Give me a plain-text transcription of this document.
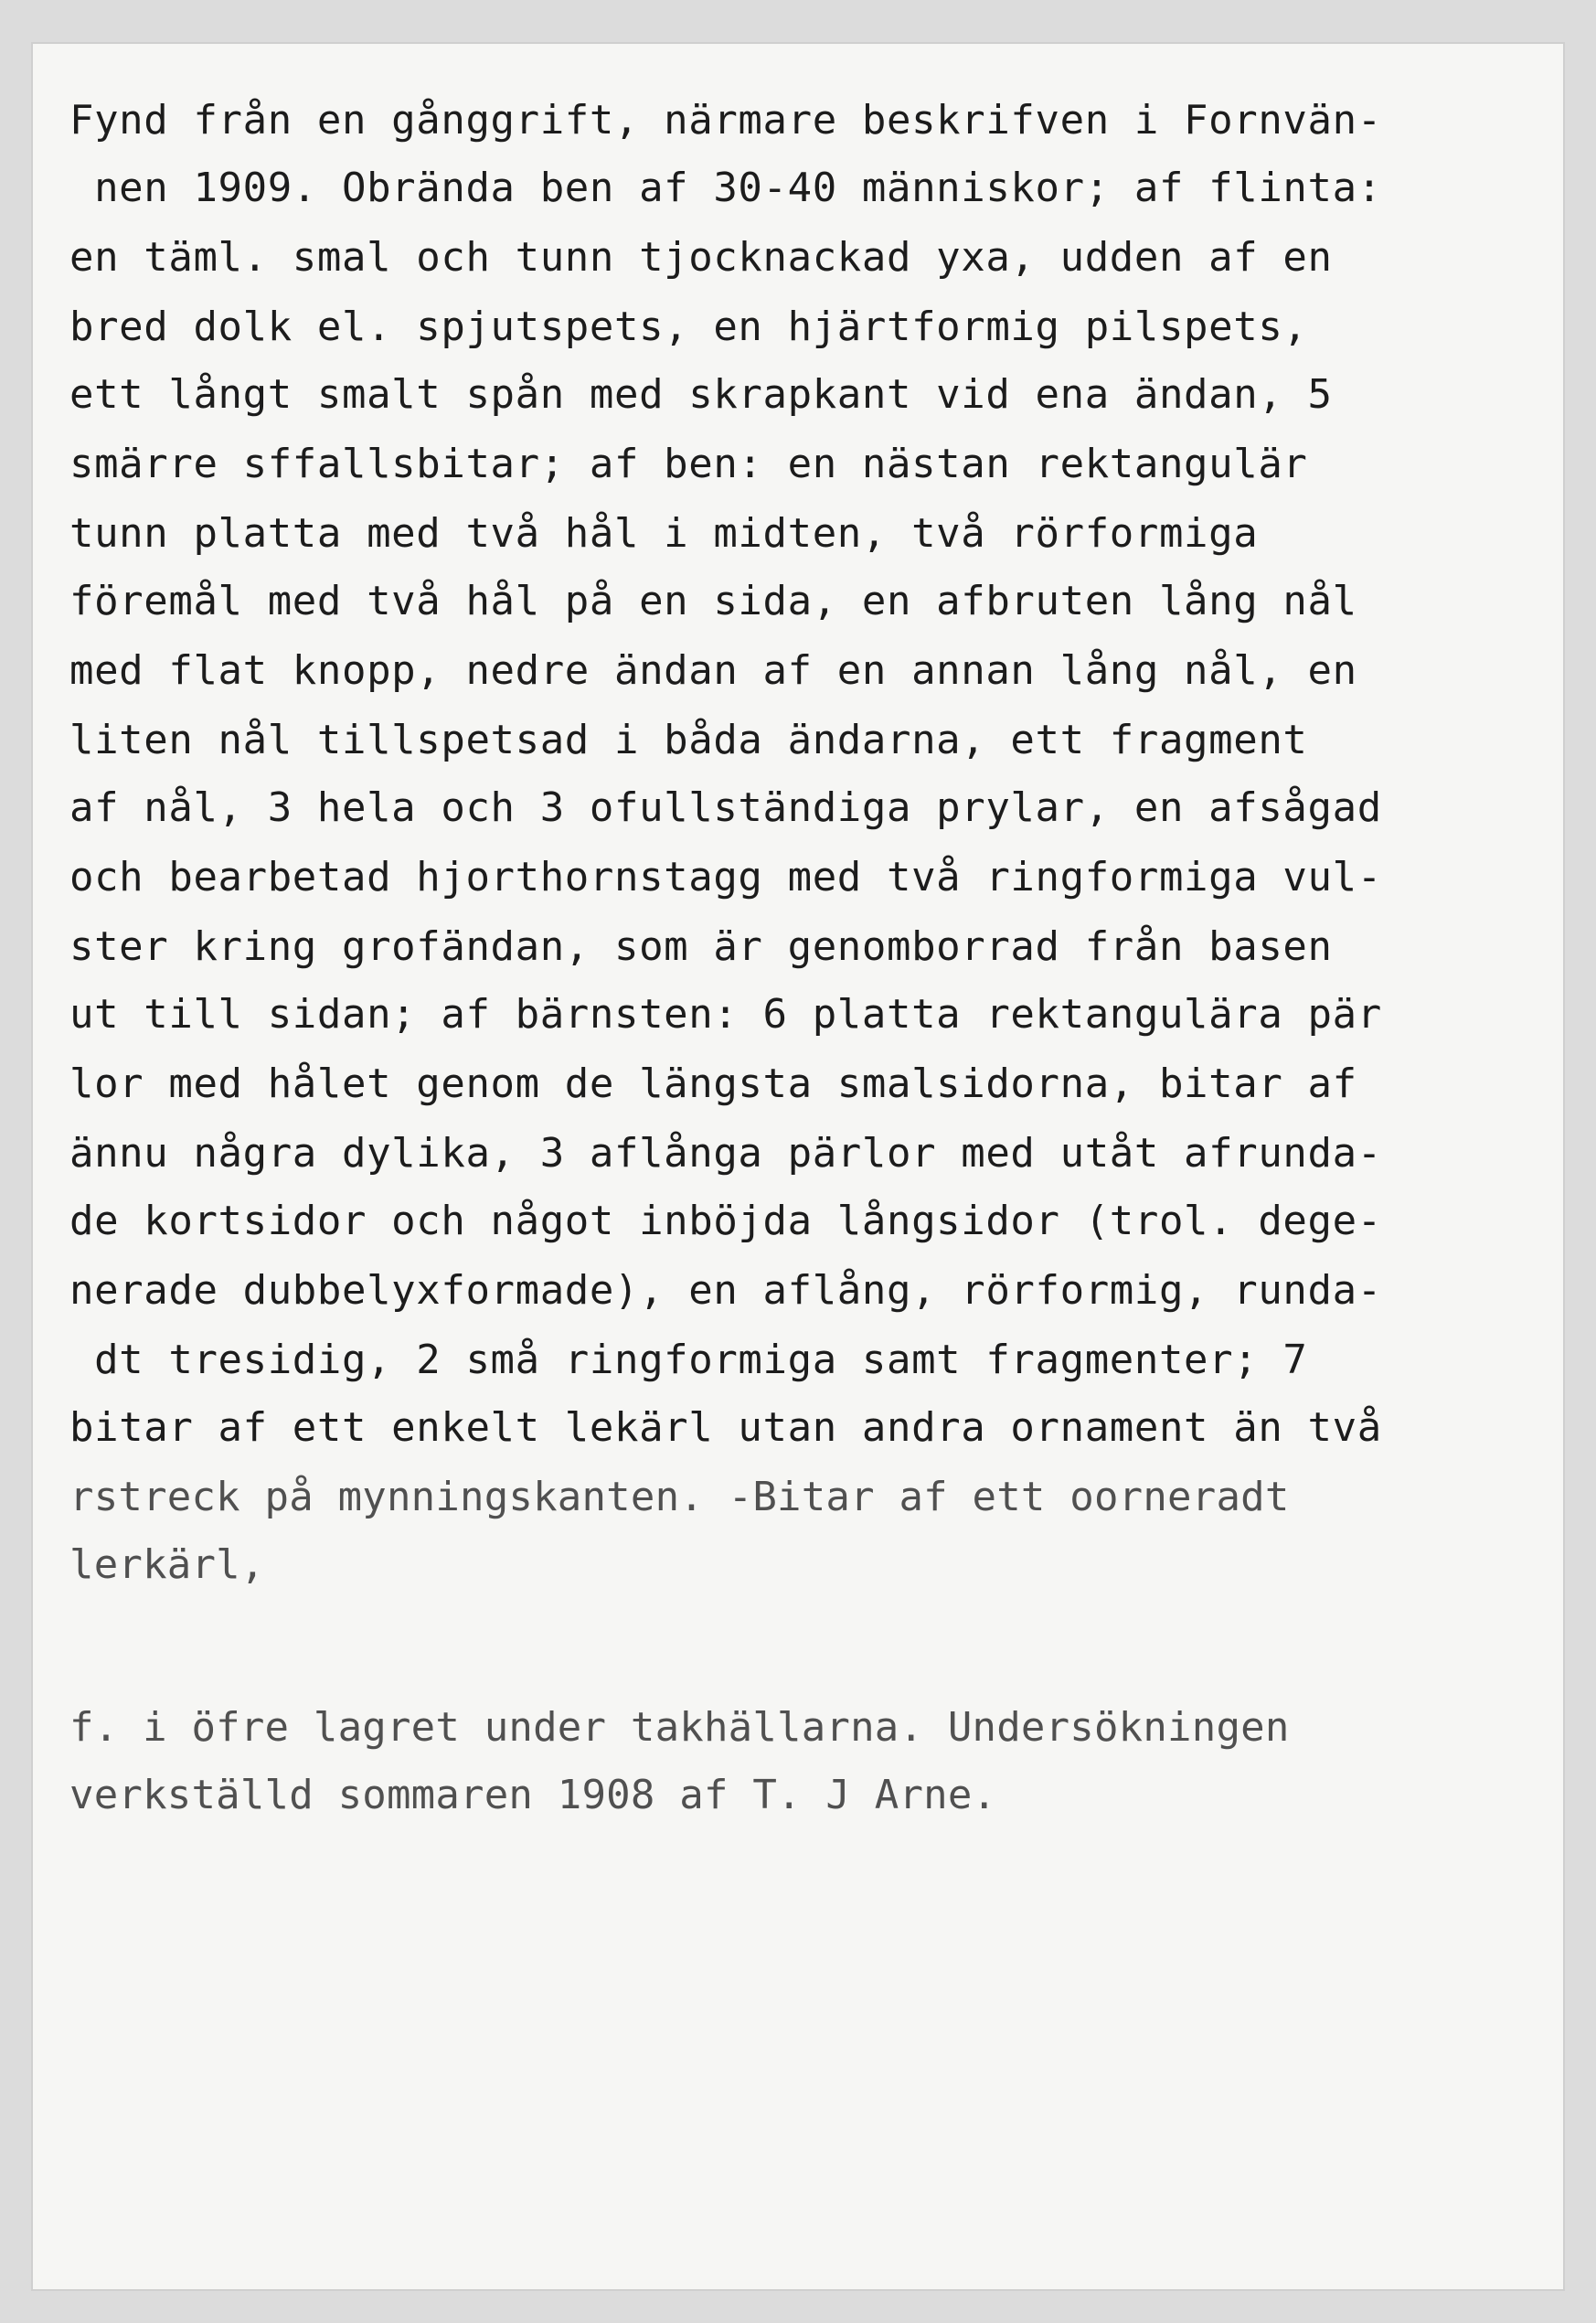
Fynd från en gånggrift, närmare beskrifven i Fornvän-

nen 1909. Obrända ben af 30-40 människor; af flinta:

en täml. smal och tunn tjocknackad yxa, udden af en

bred dolk el. spjutspets, en hjärtformig pilspets,

ett långt smalt spån med skrapkant vid ena ändan, 5

smärre sffallsbitar; af ben: en nästan rektangulär

tunn platta med två hål i midten, två rörformiga

föremål med två hål på en sida, en afbruten lång nål

med flat knopp, nedre ändan af en annan lång nål, en

liten nål tillspetsad i båda ändarna, ett fragment

af nål, 3 hela och 3 ofullständiga prylar, en afsågad

och bearbetad hjorthornstagg med två ringformiga vul-

ster kring grofändan, som är genomborrad från basen

ut till sidan; af bärnsten: 6 platta rektangulära pär

lor med hålet genom de längsta smalsidorna, bitar af

ännu några dylika, 3 aflånga pärlor med utåt afrunda-

de kortsidor och något inböjda långsidor (trol. dege-

nerade dubbelyxformade), en aflång, rörformig, runda-

dt tresidig, 2 små ringformiga samt fragmenter; 7

bitar af ett enkelt lekärl utan andra ornament än två

rstreck på mynningskanten. -Bitar af ett oorneradt

lerkärl,

f. i öfre lagret under takhällarna. Undersökningen

verkställd sommaren 1908 af T. J Arne.
